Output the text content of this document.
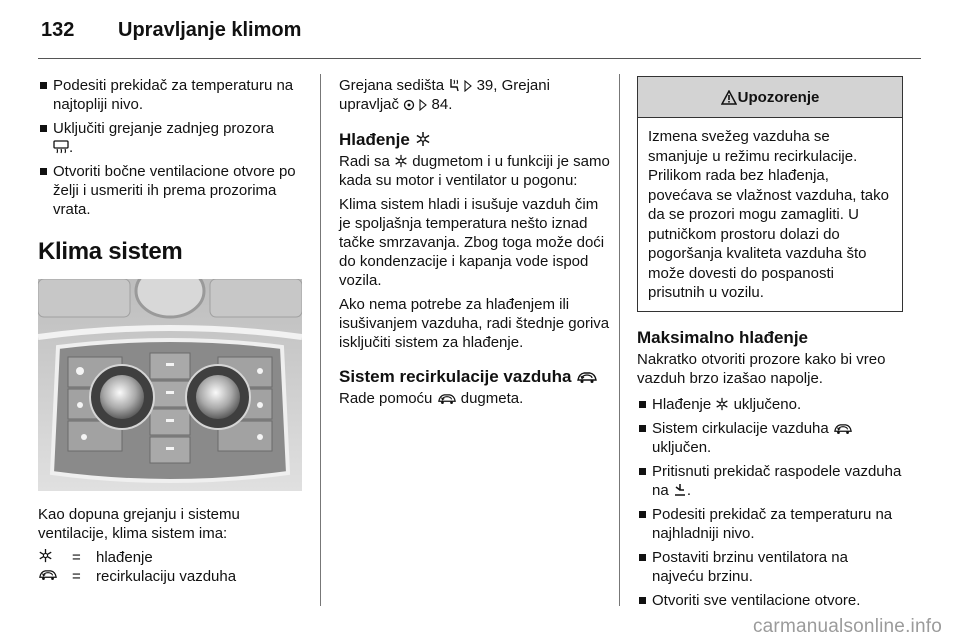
132 Upravljanje klimom
Podesiti prekidač za temperaturu na najtopliji nivo.
Uključiti grejanje zadnjeg prozora
.
Otvoriti bočne ventilacione otvore po želji i usmeriti ih prema prozorima vrata.
Klima sistem

Kao dopuna grejanju i sistemu ventilacije, klima sistem ima:

=	hlađenje
=	recirkulaciju vazduha

Grejana sedišta 39, Grejani upravljač 84.

Hlađenje

Radi sa dugmetom i u funkciji je samo kada su motor i ventilator u pogonu:

Klima sistem hladi i isušuje vazduh čim je spoljašnja temperatura nešto iznad tačke smrzavanja. Zbog toga može doći do kondenzacije i kapanja vode ispod vozila.

Ako nema potrebe za hlađenjem ili isušivanjem vazduha, radi štednje goriva isključiti sistem za hlađenje.

Sistem recirkulacije vazduha

Rade pomoću dugmeta.

Upozorenje
Izmena svežeg vazduha se smanjuje u režimu recirkulacije. Prilikom rada bez hlađenja, povećava se vlažnost vazduha, tako da se prozori mogu zamagliti. U putničkom prostoru dolazi do pogoršanja kvaliteta vazduha što može dovesti do pospanosti prisutnih u vozilu.
Maksimalno hlađenje

Nakratko otvoriti prozore kako bi vreo vazduh brzo izašao napolje.

Hlađenje uključeno.
Sistem cirkulacije vazduha  uključen.
Pritisnuti prekidač raspodele vazduha na .
Podesiti prekidač za temperaturu na najhladniji nivo.
Postaviti brzinu ventilatora na najveću brzinu.
Otvoriti sve ventilacione otvore.
carmanualsonline.info
